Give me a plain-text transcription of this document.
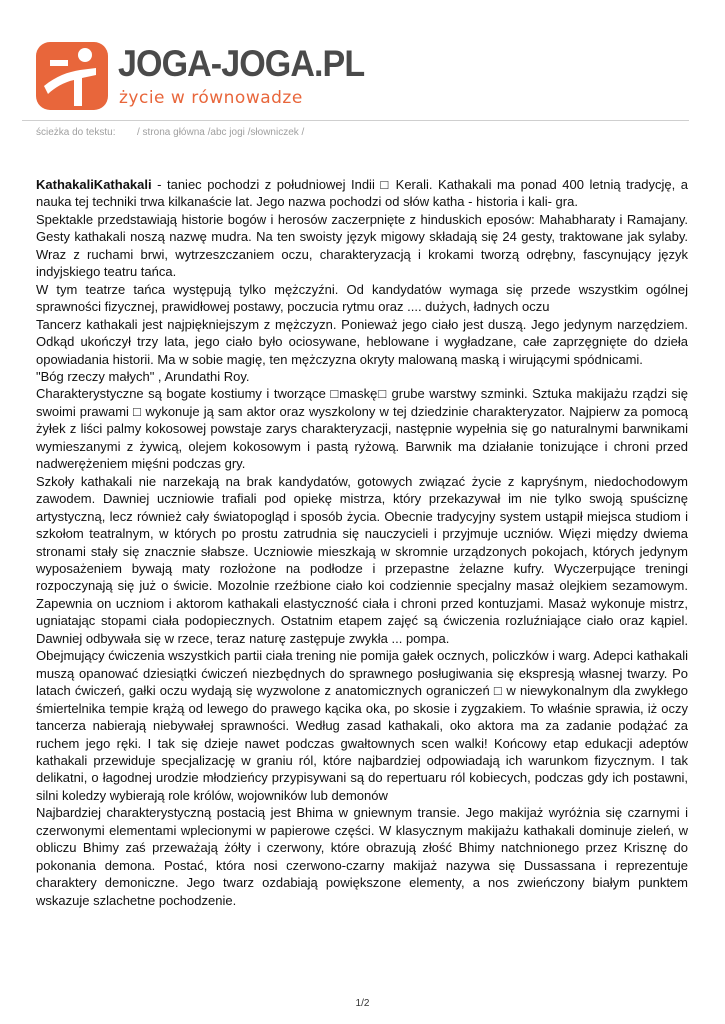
JOGA-JOGA.PL
życie w równowadze
ścieżka do tekstu: / strona główna /abc jogi /słowniczek /

KathakaliKathakali - taniec pochodzi z południowej Indii □ Kerali. Kathakali ma ponad 400 letnią tradycję, a nauka tej techniki trwa kilkanaście lat. Jego nazwa pochodzi od słów katha - historia i kali- gra.

Spektakle przedstawiają historie bogów i herosów zaczerpnięte z hinduskich eposów: Mahabharaty i Ramajany. Gesty kathakali noszą nazwę mudra. Na ten swoisty język migowy składają się 24 gesty, traktowane jak sylaby. Wraz z ruchami brwi, wytrzeszczaniem oczu, charakteryzacją i krokami tworzą odrębny, fascynujący język indyjskiego teatru tańca.

W tym teatrze tańca występują tylko mężczyźni. Od kandydatów wymaga się przede wszystkim ogólnej sprawności fizycznej, prawidłowej postawy, poczucia rytmu oraz .... dużych, ładnych oczu

Tancerz kathakali jest najpiękniejszym z mężczyzn. Ponieważ jego ciało jest duszą. Jego jedynym narzędziem. Odkąd ukończył trzy lata, jego ciało było ociosywane, heblowane i wygładzane, całe zaprzęgnięte do dzieła opowiadania historii. Ma w sobie magię, ten mężczyzna okryty malowaną maską i wirującymi spódnicami.

"Bóg rzeczy małych" , Arundathi Roy.

Charakterystyczne są bogate kostiumy i tworzące □maskę□ grube warstwy szminki. Sztuka makijażu rządzi się swoimi prawami □ wykonuje ją sam aktor oraz wyszkolony w tej dziedzinie charakteryzator. Najpierw za pomocą żyłek z liści palmy kokosowej powstaje zarys charakteryzacji, następnie wypełnia się go naturalnymi barwnikami wymieszanymi z żywicą, olejem kokosowym i pastą ryżową. Barwnik ma działanie tonizujące i chroni przed nadwerężeniem mięśni podczas gry.

Szkoły kathakali nie narzekają na brak kandydatów, gotowych związać życie z kapryśnym, niedochodowym zawodem. Dawniej uczniowie trafiali pod opiekę mistrza, który przekazywał im nie tylko swoją spuściznę artystyczną, lecz również cały światopogląd i sposób życia. Obecnie tradycyjny system ustąpił miejsca studiom i szkołom teatralnym, w których po prostu zatrudnia się nauczycieli i przyjmuje uczniów. Więzi między dwiema stronami stały się znacznie słabsze. Uczniowie mieszkają w skromnie urządzonych pokojach, których jedynym wyposażeniem bywają maty rozłożone na podłodze i przepastne żelazne kufry. Wyczerpujące treningi rozpoczynają się już o świcie. Mozolnie rzeźbione ciało koi codziennie specjalny masaż olejkiem sezamowym. Zapewnia on uczniom i aktorom kathakali elastyczność ciała i chroni przed kontuzjami. Masaż wykonuje mistrz, ugniatając stopami ciała podopiecznych. Ostatnim etapem zajęć są ćwiczenia rozluźniające ciało oraz kąpiel. Dawniej odbywała się w rzece, teraz naturę zastępuje zwykła ... pompa.

Obejmujący ćwiczenia wszystkich partii ciała trening nie pomija gałek ocznych, policzków i warg. Adepci kathakali muszą opanować dziesiątki ćwiczeń niezbędnych do sprawnego posługiwania się ekspresją własnej twarzy. Po latach ćwiczeń, gałki oczu wydają się wyzwolone z anatomicznych ograniczeń □ w niewykonalnym dla zwykłego śmiertelnika tempie krążą od lewego do prawego kącika oka, po skosie i zygzakiem. To właśnie sprawia, iż oczy tancerza nabierają niebywałej sprawności. Według zasad kathakali, oko aktora ma za zadanie podążać za ruchem jego ręki. I tak się dzieje nawet podczas gwałtownych scen walki! Końcowy etap edukacji adeptów kathakali przewiduje specjalizację w graniu ról, które najbardziej odpowiadają ich warunkom fizycznym. I tak delikatni, o łagodnej urodzie młodzieńcy przypisywani są do repertuaru ról kobiecych, podczas gdy ich postawni, silni koledzy wybierają role królów, wojowników lub demonów

Najbardziej charakterystyczną postacią jest Bhima w gniewnym transie. Jego makijaż wyróżnia się czarnymi i czerwonymi elementami wplecionymi w papierowe części. W klasycznym makijażu kathakali dominuje zieleń, w obliczu Bhimy zaś przeważają żółty i czerwony, które obrazują złość Bhimy natchnionego przez Krisznę do pokonania demona. Postać, która nosi czerwono-czarny makijaż nazywa się Dussassana i reprezentuje charaktery demoniczne. Jego twarz ozdabiają powiększone elementy, a nos zwieńczony białym punktem wskazuje szlachetne pochodzenie.

1/2
